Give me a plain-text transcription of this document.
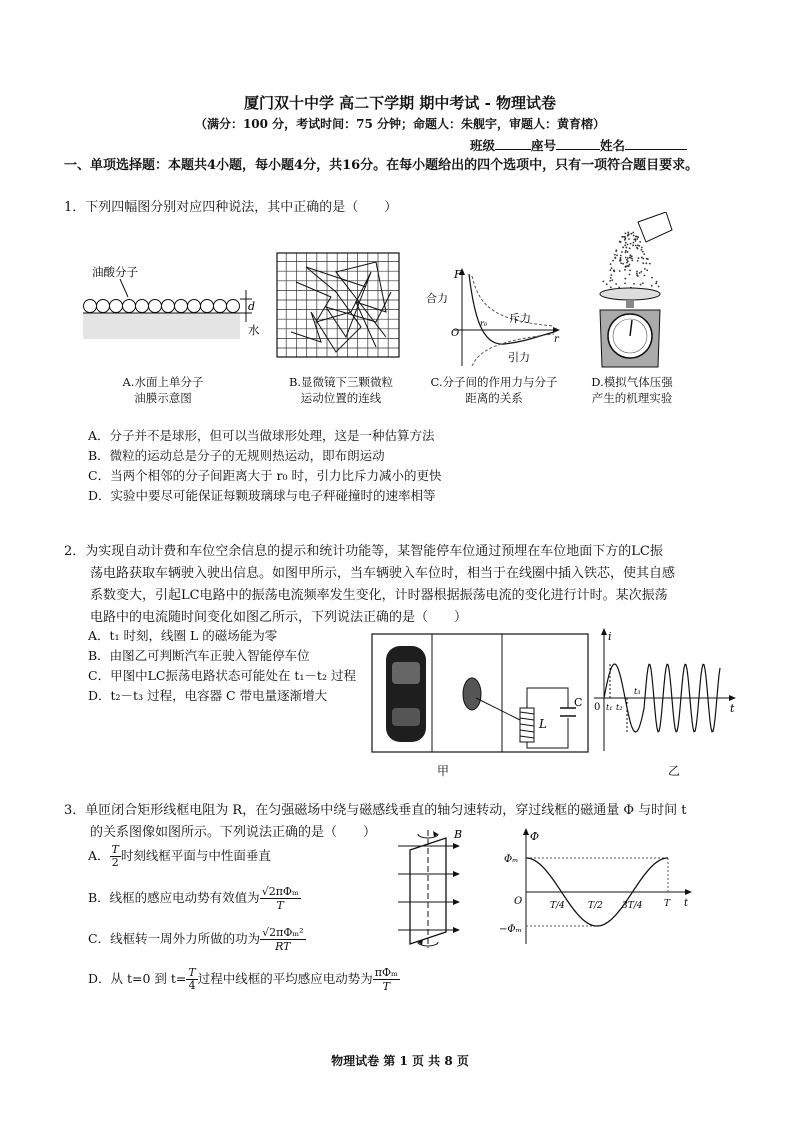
厦门双十中学 高二下学期 期中考试 - 物理试卷
（满分：100 分，考试时间：75 分钟；命题人：朱舰宇，审题人：黄育榕）
班级	座号	姓名
一、单项选择题：本题共4小题，每小题4分，共16分。在每小题给出的四个选项中，只有一项符合题目要求。
1．下列四幅图分别对应四种说法，其中正确的是（　　）
油酸分子
d
水
A.水面上单分子
油膜示意图
B.显微镜下三颗微粒
运动位置的连线
F
合力
O
r
r₀ 斥力
引力
C.分子间的作用力与分子
距离的关系
D.模拟气体压强
产生的机理实验
A．分子并不是球形，但可以当做球形处理，这是一种估算方法
B．微粒的运动总是分子的无规则热运动，即布朗运动
C．当两个相邻的分子间距离大于 r₀ 时，引力比斥力减小的更快
D．实验中要尽可能保证每颗玻璃球与电子秤碰撞时的速率相等
2．为实现自动计费和车位空余信息的提示和统计功能等，某智能停车位通过预埋在车位地面下方的LC振
荡电路获取车辆驶入驶出信息。如图甲所示，当车辆驶入车位时，相当于在线圈中插入铁芯，使其自感
系数变大，引起LC电路中的振荡电流频率发生变化，计时器根据振荡电流的变化进行计时。某次振荡
电路中的电流随时间变化如图乙所示，下列说法正确的是（　　）
A．t₁ 时刻，线圈 L 的磁场能为零
B．由图乙可判断汽车正驶入智能停车位
C．甲图中LC振荡电路状态可能处在 t₁－t₂ 过程
D．t₂－t₃ 过程，电容器 C 带电量逐渐增大
L
C
甲
i
t
0 t₁ t₂
t₃
乙
3．单匝闭合矩形线框电阻为 R，在匀强磁场中绕与磁感线垂直的轴匀速转动，穿过线框的磁通量 Φ 与时间 t
的关系图像如图所示。下列说法正确的是（　　）
A． $\frac{T}{2}$ 时刻线框平面与中性面垂直
B．线框的感应电动势有效值为 √2πΦₘ
T
C．线框转一周外力所做的功为 √2πΦₘ²
RT
D．从 t=0 到 $t= \frac{T}{4}$ 过程中线框的平均感应电动势为 πΦₘ
T
B	Φ
Φₘ
−Φₘ
O	t
T/4	T/2 3T/4 T
物理试卷 第 1 页 共 8 页
